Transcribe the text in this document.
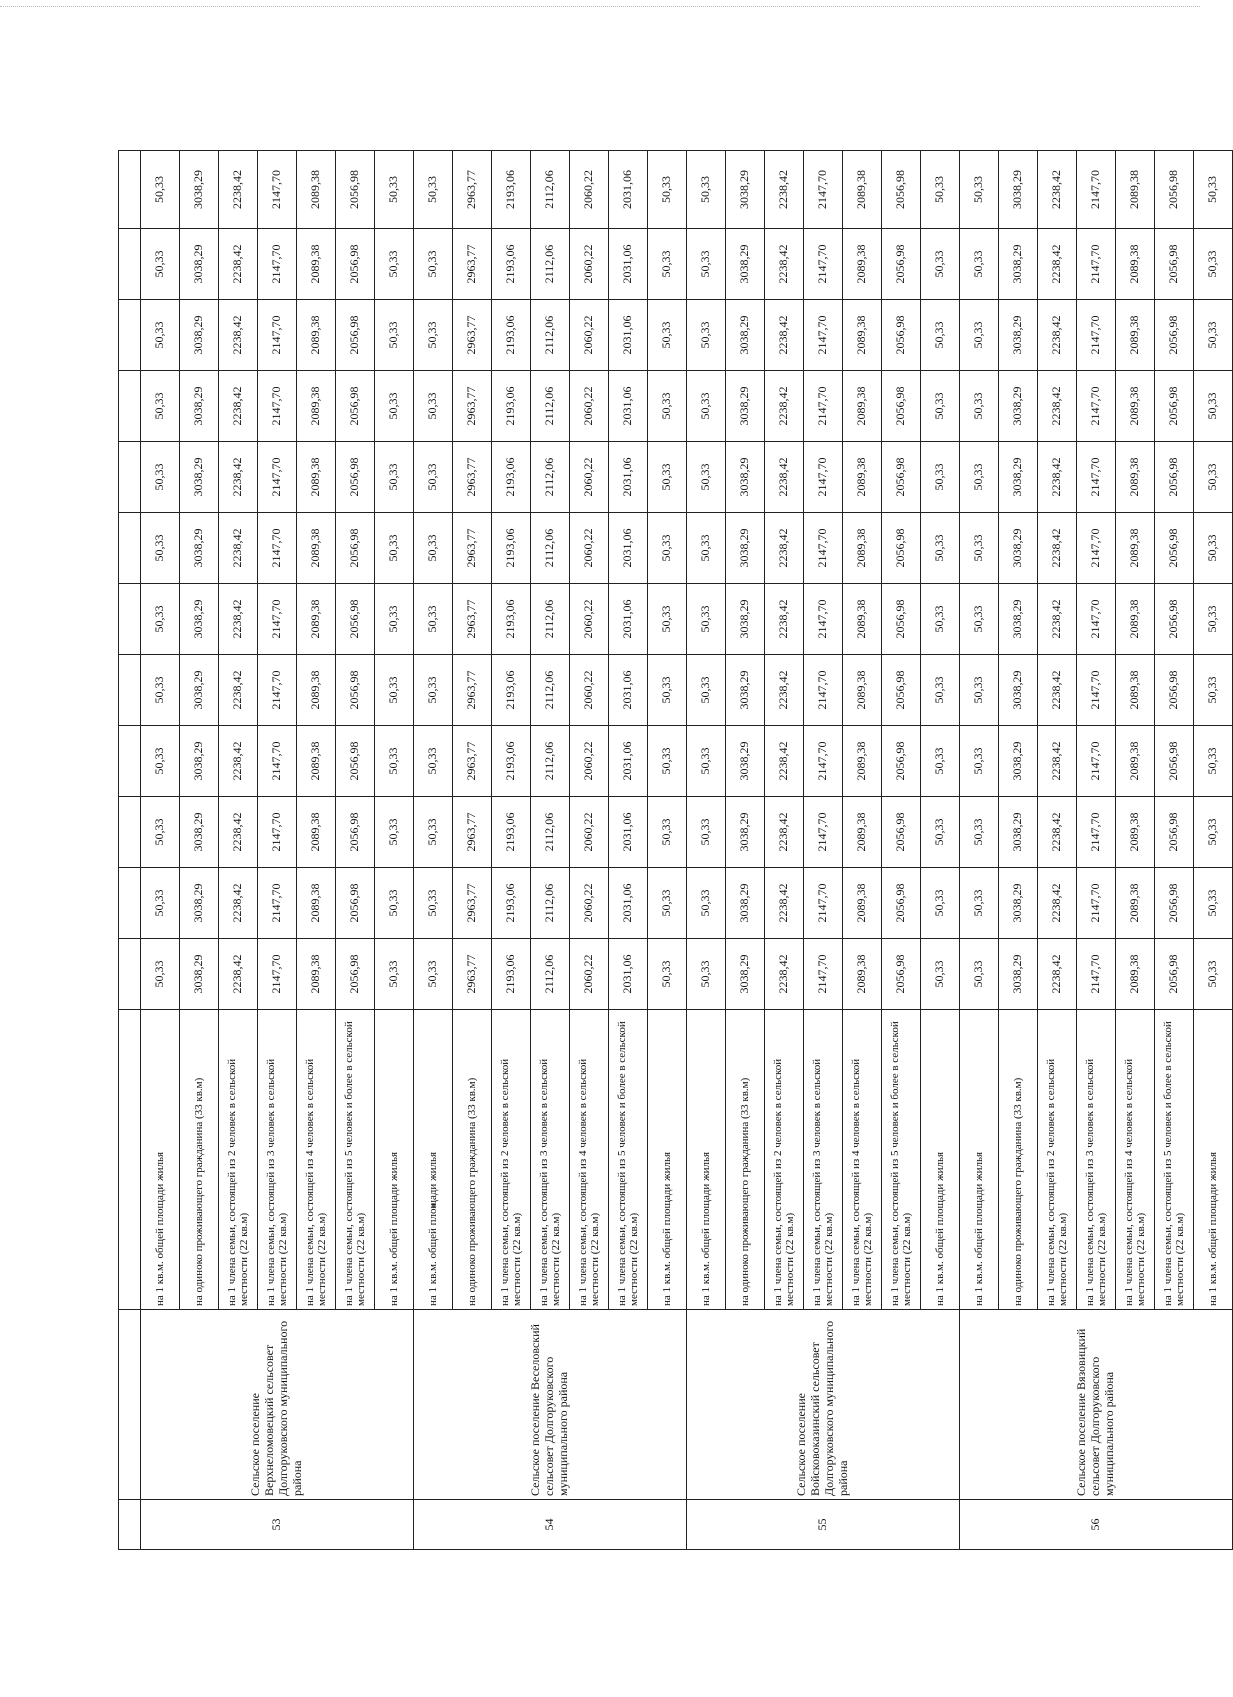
53	Сельское поселение Верхнеломовецкий сельсовет Долгоруковского муниципального района	на 1 кв.м. общей площади жилья	50,33	50,33	50,33	50,33	50,33	50,33	50,33	50,33	50,33	50,33	50,33	50,33
		на одиноко проживающего гражданина (33 кв.м)	3038,29	3038,29	3038,29	3038,29	3038,29	3038,29	3038,29	3038,29	3038,29	3038,29	3038,29	3038,29
		на 1 члена семьи, состоящей из 2 человек в сельской местности (22 кв.м)	2238,42	2238,42	2238,42	2238,42	2238,42	2238,42	2238,42	2238,42	2238,42	2238,42	2238,42	2238,42
		на 1 члена семьи, состоящей из 3 человек в сельской местности (22 кв.м)	2147,70	2147,70	2147,70	2147,70	2147,70	2147,70	2147,70	2147,70	2147,70	2147,70	2147,70	2147,70
		на 1 члена семьи, состоящей из 4 человек в сельской местности (22 кв.м)	2089,38	2089,38	2089,38	2089,38	2089,38	2089,38	2089,38	2089,38	2089,38	2089,38	2089,38	2089,38
		на 1 члена семьи, состоящей из 5 человек и более в сельской местности (22 кв.м)	2056,98	2056,98	2056,98	2056,98	2056,98	2056,98	2056,98	2056,98	2056,98	2056,98	2056,98	2056,98
		на 1 кв.м. общей площади жилья	50,33	50,33	50,33	50,33	50,33	50,33	50,33	50,33	50,33	50,33	50,33	50,33
54	Сельское поселение Веселовский сельсовет Долгоруковского муниципального района	на 1 кв.м. общей площади жилья	50,33	50,33	50,33	50,33	50,33	50,33	50,33	50,33	50,33	50,33	50,33	50,33
		на одиноко проживающего гражданина (33 кв.м)	2963,77	2963,77	2963,77	2963,77	2963,77	2963,77	2963,77	2963,77	2963,77	2963,77	2963,77	2963,77
		на 1 члена семьи, состоящей из 2 человек в сельской местности (22 кв.м)	2193,06	2193,06	2193,06	2193,06	2193,06	2193,06	2193,06	2193,06	2193,06	2193,06	2193,06	2193,06
		на 1 члена семьи, состоящей из 3 человек в сельской местности (22 кв.м)	2112,06	2112,06	2112,06	2112,06	2112,06	2112,06	2112,06	2112,06	2112,06	2112,06	2112,06	2112,06
		на 1 члена семьи, состоящей из 4 человек в сельской местности (22 кв.м)	2060,22	2060,22	2060,22	2060,22	2060,22	2060,22	2060,22	2060,22	2060,22	2060,22	2060,22	2060,22
		на 1 члена семьи, состоящей из 5 человек и более в сельской местности (22 кв.м)	2031,06	2031,06	2031,06	2031,06	2031,06	2031,06	2031,06	2031,06	2031,06	2031,06	2031,06	2031,06
		на 1 кв.м. общей площади жилья	50,33	50,33	50,33	50,33	50,33	50,33	50,33	50,33	50,33	50,33	50,33	50,33
55	Сельское поселение Войсковоказинский сельсовет Долгоруковского муниципального района	на 1 кв.м. общей площади жилья	50,33	50,33	50,33	50,33	50,33	50,33	50,33	50,33	50,33	50,33	50,33	50,33
		на одиноко проживающего гражданина (33 кв.м)	3038,29	3038,29	3038,29	3038,29	3038,29	3038,29	3038,29	3038,29	3038,29	3038,29	3038,29	3038,29
		на 1 члена семьи, состоящей из 2 человек в сельской местности (22 кв.м)	2238,42	2238,42	2238,42	2238,42	2238,42	2238,42	2238,42	2238,42	2238,42	2238,42	2238,42	2238,42
		на 1 члена семьи, состоящей из 3 человек в сельской местности (22 кв.м)	2147,70	2147,70	2147,70	2147,70	2147,70	2147,70	2147,70	2147,70	2147,70	2147,70	2147,70	2147,70
		на 1 члена семьи, состоящей из 4 человек в сельской местности (22 кв.м)	2089,38	2089,38	2089,38	2089,38	2089,38	2089,38	2089,38	2089,38	2089,38	2089,38	2089,38	2089,38
		на 1 члена семьи, состоящей из 5 человек и более в сельской местности (22 кв.м)	2056,98	2056,98	2056,98	2056,98	2056,98	2056,98	2056,98	2056,98	2056,98	2056,98	2056,98	2056,98
		на 1 кв.м. общей площади жилья	50,33	50,33	50,33	50,33	50,33	50,33	50,33	50,33	50,33	50,33	50,33	50,33
56	Сельское поселение Вязовицкий сельсовет Долгоруковского муниципального района	на 1 кв.м. общей площади жилья	50,33	50,33	50,33	50,33	50,33	50,33	50,33	50,33	50,33	50,33	50,33	50,33
		на одиноко проживающего гражданина (33 кв.м)	3038,29	3038,29	3038,29	3038,29	3038,29	3038,29	3038,29	3038,29	3038,29	3038,29	3038,29	3038,29
		на 1 члена семьи, состоящей из 2 человек в сельской местности (22 кв.м)	2238,42	2238,42	2238,42	2238,42	2238,42	2238,42	2238,42	2238,42	2238,42	2238,42	2238,42	2238,42
		на 1 члена семьи, состоящей из 3 человек в сельской местности (22 кв.м)	2147,70	2147,70	2147,70	2147,70	2147,70	2147,70	2147,70	2147,70	2147,70	2147,70	2147,70	2147,70
		на 1 члена семьи, состоящей из 4 человек в сельской местности (22 кв.м)	2089,38	2089,38	2089,38	2089,38	2089,38	2089,38	2089,38	2089,38	2089,38	2089,38	2089,38	2089,38
		на 1 члена семьи, состоящей из 5 человек и более в сельской местности (22 кв.м)	2056,98	2056,98	2056,98	2056,98	2056,98	2056,98	2056,98	2056,98	2056,98	2056,98	2056,98	2056,98
		на 1 кв.м. общей площади жилья	50,33	50,33	50,33	50,33	50,33	50,33	50,33	50,33	50,33	50,33	50,33	50,33
